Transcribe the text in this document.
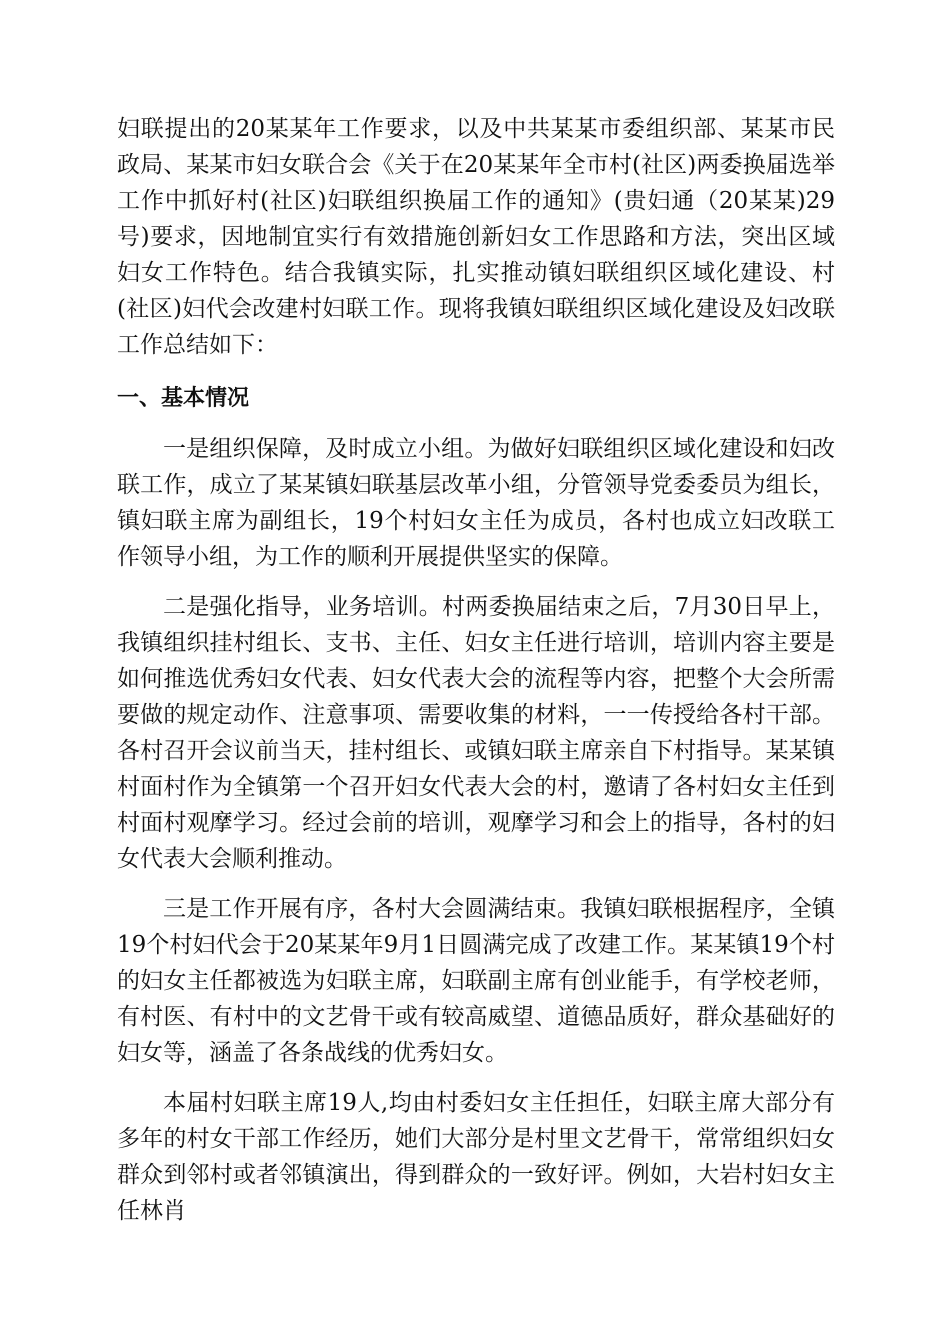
妇联提出的20某某年工作要求，以及中共某某市委组织部、某某市民政局、某某市妇女联合会《关于在20某某年全市村(社区)两委换届选举工作中抓好村(社区)妇联组织换届工作的通知》(贵妇通（20某某)29号)要求，因地制宜实行有效措施创新妇女工作思路和方法，突出区域妇女工作特色。结合我镇实际，扎实推动镇妇联组织区域化建设、村(社区)妇代会改建村妇联工作。现将我镇妇联组织区域化建设及妇改联工作总结如下：

一、基本情况

一是组织保障，及时成立小组。为做好妇联组织区域化建设和妇改联工作，成立了某某镇妇联基层改革小组，分管领导党委委员为组长，镇妇联主席为副组长，19个村妇女主任为成员，各村也成立妇改联工作领导小组，为工作的顺利开展提供坚实的保障。

二是强化指导，业务培训。村两委换届结束之后，7月30日早上，我镇组织挂村组长、支书、主任、妇女主任进行培训，培训内容主要是如何推选优秀妇女代表、妇女代表大会的流程等内容，把整个大会所需要做的规定动作、注意事项、需要收集的材料，一一传授给各村干部。各村召开会议前当天，挂村组长、或镇妇联主席亲自下村指导。某某镇村面村作为全镇第一个召开妇女代表大会的村，邀请了各村妇女主任到村面村观摩学习。经过会前的培训，观摩学习和会上的指导，各村的妇女代表大会顺利推动。

三是工作开展有序，各村大会圆满结束。我镇妇联根据程序，全镇19个村妇代会于20某某年9月1日圆满完成了改建工作。某某镇19个村的妇女主任都被选为妇联主席，妇联副主席有创业能手，有学校老师，有村医、有村中的文艺骨干或有较高威望、道德品质好，群众基础好的妇女等，涵盖了各条战线的优秀妇女。

本届村妇联主席19人,均由村委妇女主任担任，妇联主席大部分有多年的村女干部工作经历，她们大部分是村里文艺骨干，常常组织妇女群众到邻村或者邻镇演出，得到群众的一致好评。例如，大岩村妇女主任林肖
